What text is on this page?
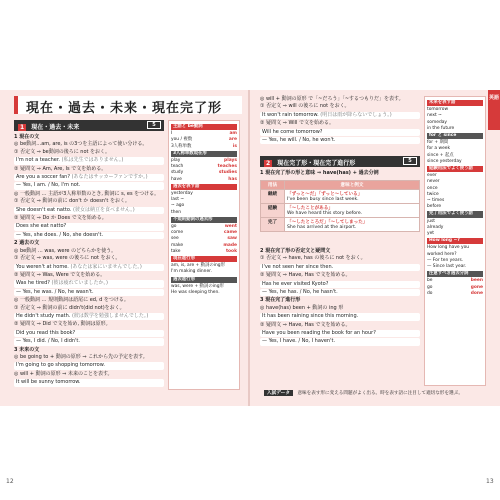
現在・過去・未来・現在完了形
1 現在・過去・未来	5
1 現在の文
◎ be動詞…am, are, is の3つを主語によって使い分ける。
① 否定文 ⇒ be動詞の後ろに not をおく。
I'm not a teacher. (私は先生ではありません。)
② 疑問文 ⇒ Am, Are, Is で文を始める。
Are you a soccer fan? (あなたはサッカーファンですか。)
— Yes, I am. / No, I'm not.
◎ 一般動詞 … 主語が3人称単数のとき, 動詞に s, es をつける。
① 否定文 ⇒ 動詞の前に don't か doesn't をおく。
She doesn't eat natto. (彼女は納豆を食べません。)
② 疑問文 ⇒ Do か Does で文を始める。
Does she eat natto?
— Yes, she does. / No, she doesn't.
2 過去の文
◎ be動詞 … was, were のどちらかを使う。
① 否定文 ⇒ was, were の後ろに not をおく。
You weren't at home. (あなたは家にいませんでした。)
② 疑問文 ⇒ Was, Were で文を始める。
Was he tired? (彼は疲れていましたか。)
— Yes, he was. / No, he wasn't.
◎ 一般動詞 … 規則動詞は語尾に ed, d をつける。
① 否定文 ⇒ 動詞の前に didn't(did not)をおく。
He didn't study math. (彼は数学を勉強しませんでした。)
② 疑問文 ⇒ Did で文を始め, 動詞は原形。
Did you read this book?
— Yes, I did. / No, I didn't.
3 未来の文
◎ be going to + 動詞の原形 ⇒ これから先の予定を表す。
I'm going to go shopping tomorrow.
◎ will + 動詞の原形 ⇒ 未来のことを表す。
It will be sunny tomorrow.
主語と be動詞
I	am
you / 複数	are
3人称単数	is
3人称単数現在形
play	plays
teach	teaches
study	studies
have	has
過去を表す語
yesterday
last ~
~ ago
then
不規則動詞の過去形
go	went
come	came
see	saw
make	made
take	took
現在進行形
am, is, are + 動詞のing形
I'm making dinner.
過去進行形
was, were + 動詞のing形
He was sleeping then.
12
英語
◎ will + 動詞の原形 で「~だろう」「~するつもりだ」を表す。
① 否定文 ⇒ will の後ろに not をおく。
It won't rain tomorrow. (明日は雨が降らないでしょう。)
② 疑問文 ⇒ Will で文を始める。
Will he come tomorrow?
— Yes, he will. / No, he won't.
2 現在完了形・現在完了進行形	5
1 現在完了形の形と意味 ⇒ have(has) + 過去分詞
用法	意味と例文
継続	「ずっと〜だ」「ずっと〜している」
I've been busy since last week.

経験	「〜したことがある」
We have heard this story before.

完了	「〜したところだ」「〜してしまった」
She has arrived at the airport.
2 現在完了形の否定文と疑問文
① 否定文 ⇒ have, has の後ろに not をおく。
I've not seen her since then.
② 疑問文 ⇒ Have, Has で文を始める。
Has he ever visited Kyoto?
— Yes, he has. / No, he hasn't.
3 現在完了進行形
◎ have(has) been + 動詞の ing 形
It has been raining since this morning.
② 疑問文 ⇒ Have, Has で文を始める。
Have you been reading the book for an hour?
— Yes, I have. / No, I haven't.
未来を表す語
tomorrow
next ~
someday
in the future
for と since
for + 期間
for a week
since + 起点
since yesterday
経験用法でよく使う語
ever
never
once
twice
~ times
before
完了用法でよく使う語
just
already
yet
How long ~?
How long have you worked here?
— For ten years.
— Since last year.
注意すべき過去分詞
be	been
go	gone
do	done
入試データ 意味を表す形に変える問題がよく出る。時を表す語に注目して適切な形を選ぶ。
13
